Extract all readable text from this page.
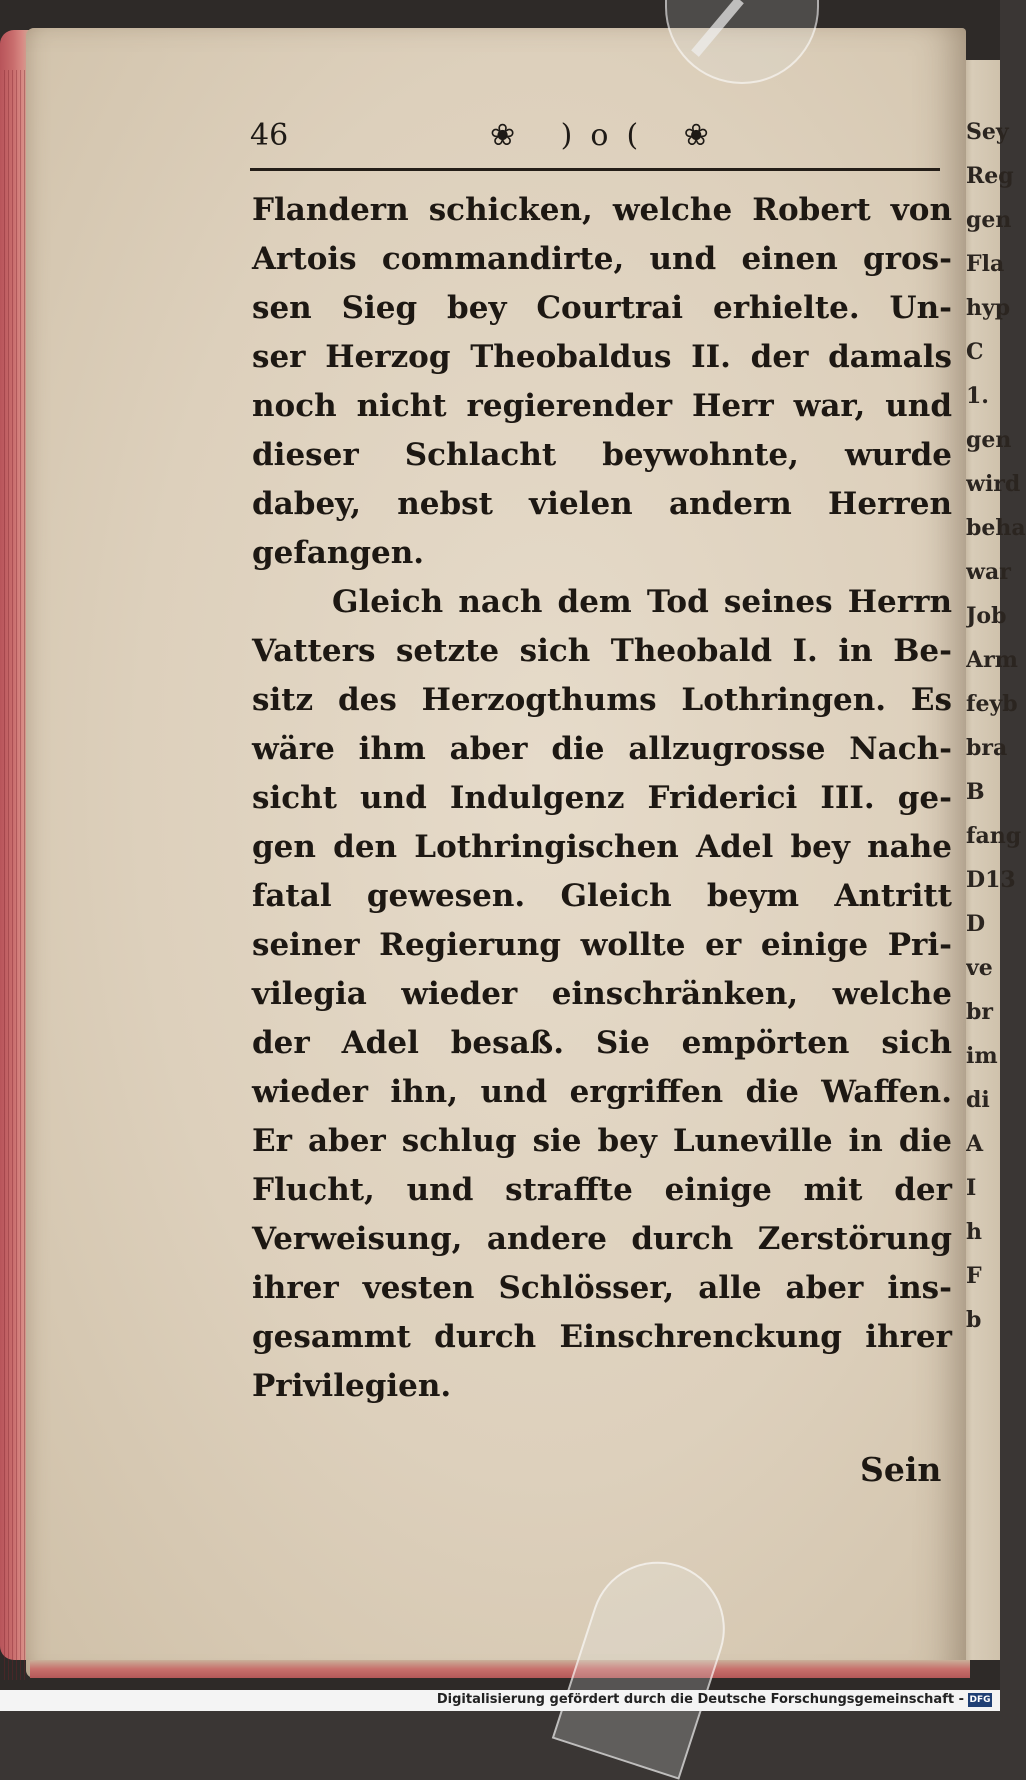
Sey
Reg
gen
Fla
hyp
C
1.
gen
wird
beha
war
Job
Arm
feyb
bra
B
fang
D13
D
ve
br
im
di
A
I
h
F
b
46	❀ )o( ❀
Flandern schicken, welche Robert von
Artois commandirte, und einen gros-
sen Sieg bey Courtrai erhielte. Un-
ser Herzog Theobaldus II. der damals
noch nicht regierender Herr war, und
dieser Schlacht beywohnte, wurde
dabey, nebst vielen andern Herren
gefangen.
Gleich nach dem Tod seines Herrn
Vatters setzte sich Theobald I. in Be-
sitz des Herzogthums Lothringen. Es
wäre ihm aber die allzugrosse Nach-
sicht und Indulgenz Friderici III. ge-
gen den Lothringischen Adel bey nahe
fatal gewesen. Gleich beym Antritt
seiner Regierung wollte er einige Pri-
vilegia wieder einschränken, welche
der Adel besaß. Sie empörten sich
wieder ihn, und ergriffen die Waffen.
Er aber schlug sie bey Luneville in die
Flucht, und straffte einige mit der
Verweisung, andere durch Zerstörung
ihrer vesten Schlösser, alle aber ins-
gesammt durch Einschrenckung ihrer
Privilegien.
Sein
Digitalisierung gefördert durch die Deutsche Forschungsgemeinschaft - DFG
